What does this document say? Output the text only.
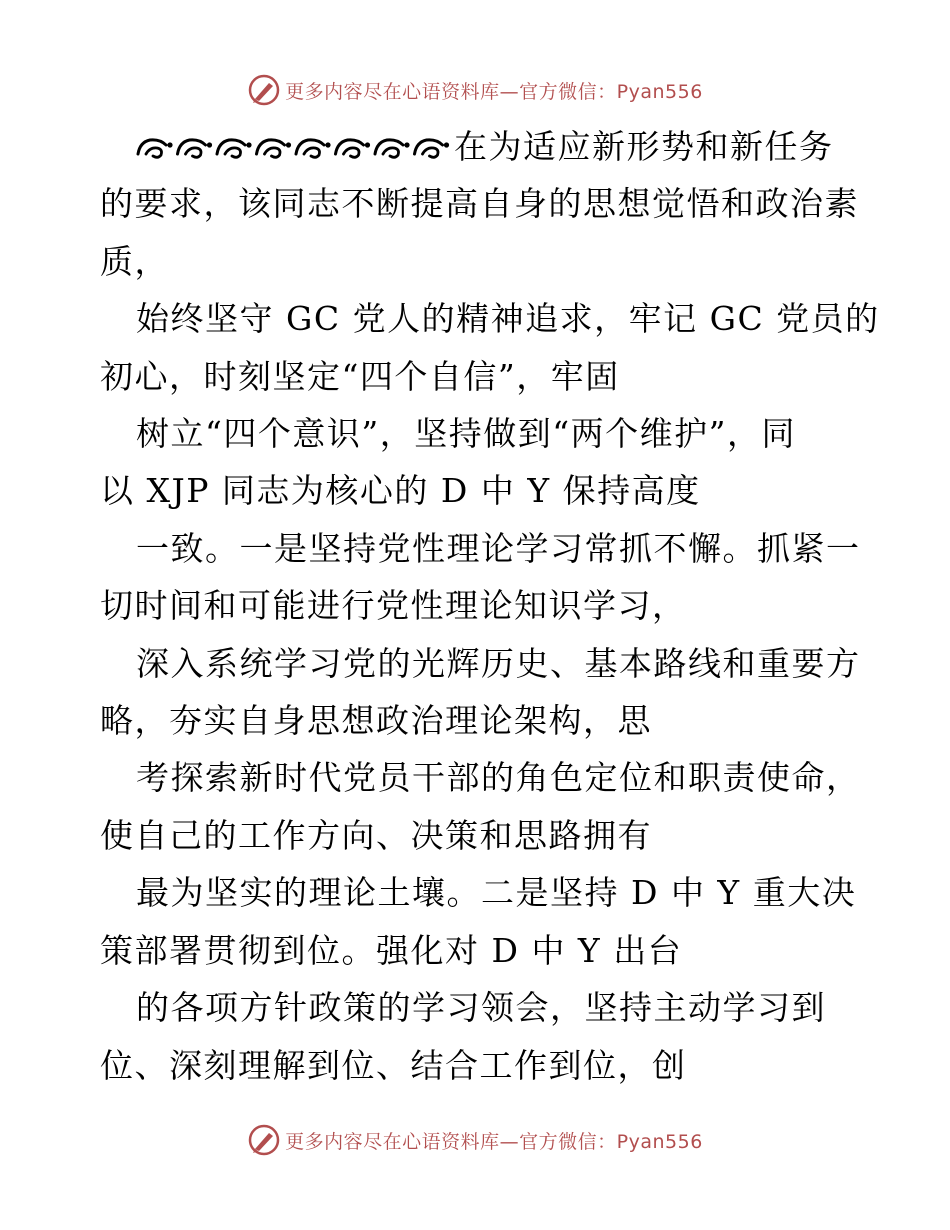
更多内容尽在心语资料库—官方微信：Pyan556
在为适应新形势和新任务
的要求，该同志不断提高自身的思想觉悟和政治素
质，
始终坚守 GC 党人的精神追求，牢记 GC 党员的
初心，时刻坚定“四个自信”，牢固
树立“四个意识”，坚持做到“两个维护”，同
以 XJP 同志为核心的 D 中 Y 保持高度
一致。一是坚持党性理论学习常抓不懈。抓紧一
切时间和可能进行党性理论知识学习，
深入系统学习党的光辉历史、基本路线和重要方
略，夯实自身思想政治理论架构，思
考探索新时代党员干部的角色定位和职责使命，
使自己的工作方向、决策和思路拥有
最为坚实的理论土壤。二是坚持 D 中 Y 重大决
策部署贯彻到位。强化对 D 中 Y 出台
的各项方针政策的学习领会，坚持主动学习到
位、深刻理解到位、结合工作到位，创
更多内容尽在心语资料库—官方微信：Pyan556
